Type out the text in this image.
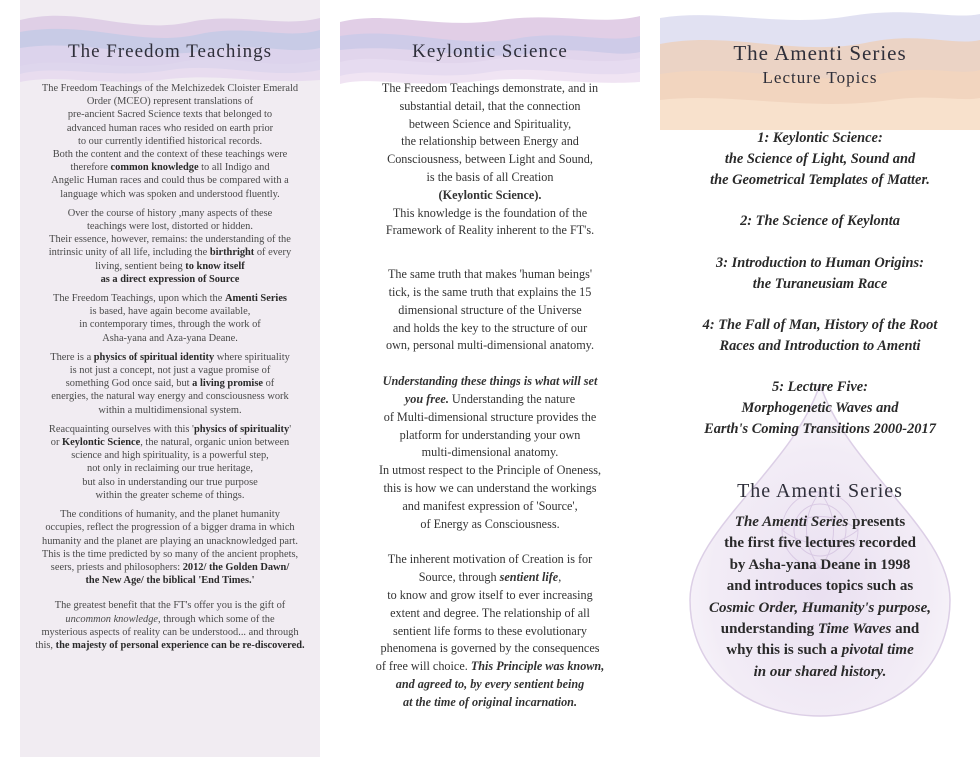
The Freedom Teachings

The Freedom Teachings of the Melchizedek Cloister Emerald
Order (MCEO) represent translations of
pre-ancient Sacred Science texts that belonged to
advanced human races who resided on earth prior
to our currently identified historical records.
Both the content and the context of these teachings were
therefore common knowledge to all Indigo and
Angelic Human races and could thus be compared with a
language which was spoken and understood fluently.

Over the course of history ,many aspects of these
teachings were lost, distorted or hidden.
Their essence, however, remains: the understanding of the
intrinsic unity of all life, including the birthright of every
living, sentient being to know itself
as a direct expression of Source

The Freedom Teachings, upon which the Amenti Series
is based, have again become available,
in contemporary times, through the work of
Asha-yana and Aza-yana Deane.

There is a physics of spiritual identity where spirituality
is not just a concept, not just a vague promise of
something God once said, but a living promise of
energies, the natural way energy and consciousness work
within a multidimensional system.

Reacquainting ourselves with this 'physics of spirituality'
or Keylontic Science, the natural, organic union between
science and high spirituality, is a powerful step,
not only in reclaiming our true heritage,
but also in understanding our true purpose
within the greater scheme of things.

The conditions of humanity, and the planet humanity
occupies, reflect the progression of a bigger drama in which
humanity and the planet are playing an unacknowledged part.
This is the time predicted by so many of the ancient prophets,
seers, priests and philosophers: 2012/ the Golden Dawn/
the New Age/ the biblical 'End Times.'

The greatest benefit that the FT's offer you is the gift of
uncommon knowledge, through which some of the
mysterious aspects of reality can be understood... and through
this, the majesty of personal experience can be re-discovered.

Keylontic Science

The Freedom Teachings demonstrate, and in
substantial detail, that the connection
between Science and Spirituality,
the relationship between Energy and
Consciousness, between Light and Sound,
is the basis of all Creation
(Keylontic Science).
This knowledge is the foundation of the
Framework of Reality inherent to the FT's.

The same truth that makes 'human beings'
tick, is the same truth that explains the 15
dimensional structure of the Universe
and holds the key to the structure of our
own, personal multi-dimensional anatomy.

Understanding these things is what will set
you free. Understanding the nature
of Multi-dimensional structure provides the
platform for understanding your own
multi-dimensional anatomy.
In utmost respect to the Principle of Oneness,
this is how we can understand the workings
and manifest expression of 'Source',
of Energy as Consciousness.

The inherent motivation of Creation is for
Source, through sentient life,
to know and grow itself to ever increasing
extent and degree. The relationship of all
sentient life forms to these evolutionary
phenomena is governed by the consequences
of free will choice. This Principle was known,
and agreed to, by every sentient being
at the time of original incarnation.

The Amenti Series
Lecture Topics
1: Keylontic Science:
the Science of Light, Sound and
the Geometrical Templates of Matter.
2: The Science of Keylonta
3: Introduction to Human Origins:
the Turaneusiam Race
4: The Fall of Man, History of the Root
Races and Introduction to Amenti
5: Lecture Five:
Morphogenetic Waves and
Earth's Coming Transitions 2000-2017
The Amenti Series
The Amenti Series presents
the first five lectures recorded
by Asha-yana Deane in 1998
and introduces topics such as
Cosmic Order, Humanity's purpose,
understanding Time Waves and
why this is such a pivotal time
in our shared history.
